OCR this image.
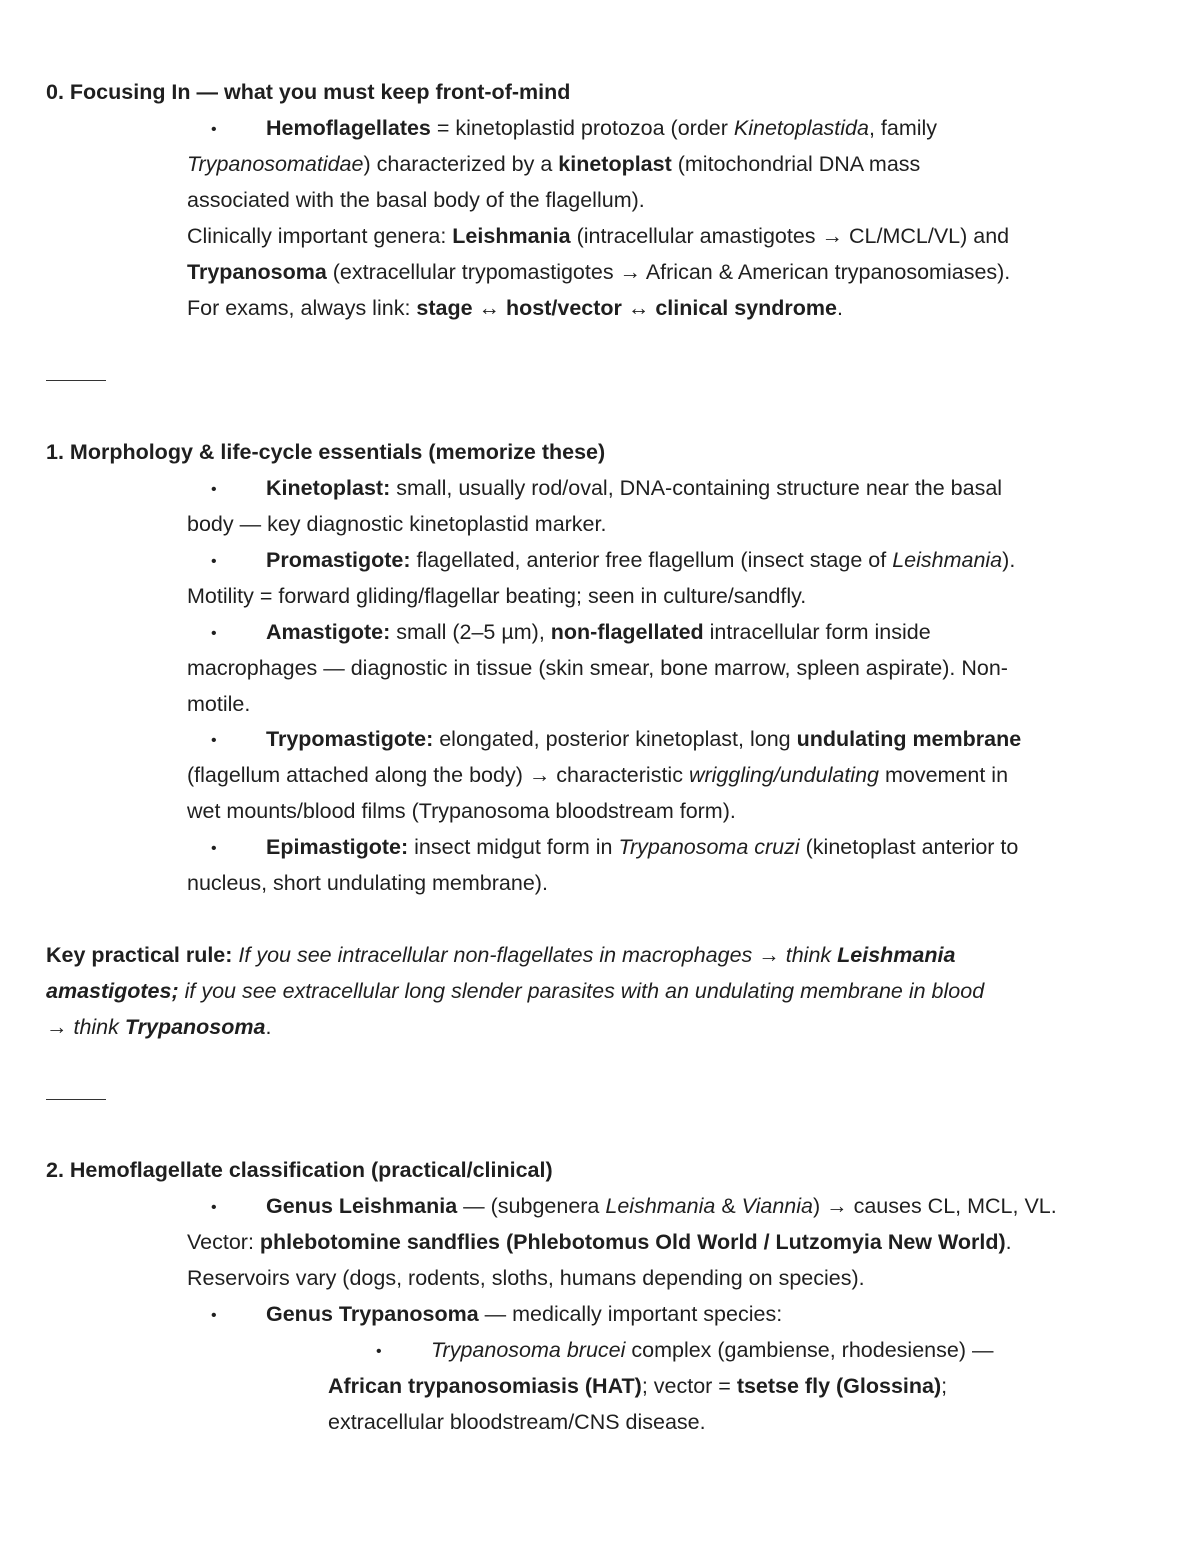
0. Focusing In — what you must keep front-of-mind
• Hemoflagellates = kinetoplastid protozoa (order Kinetoplastida, family
Trypanosomatidae) characterized by a kinetoplast (mitochondrial DNA mass
associated with the basal body of the flagellum).
Clinically important genera: Leishmania (intracellular amastigotes → CL/MCL/VL) and
Trypanosoma (extracellular trypomastigotes → African & American trypanosomiases).
For exams, always link: stage ↔ host/vector ↔ clinical syndrome.
1. Morphology & life-cycle essentials (memorize these)
• Kinetoplast: small, usually rod/oval, DNA-containing structure near the basal
body — key diagnostic kinetoplastid marker.
• Promastigote: flagellated, anterior free flagellum (insect stage of Leishmania).
Motility = forward gliding/flagellar beating; seen in culture/sandfly.
• Amastigote: small (2–5 µm), non-flagellated intracellular form inside
macrophages — diagnostic in tissue (skin smear, bone marrow, spleen aspirate). Non-
motile.
• Trypomastigote: elongated, posterior kinetoplast, long undulating membrane
(flagellum attached along the body) → characteristic wriggling/undulating movement in
wet mounts/blood films (Trypanosoma bloodstream form).
• Epimastigote: insect midgut form in Trypanosoma cruzi (kinetoplast anterior to
nucleus, short undulating membrane).
Key practical rule: If you see intracellular non-flagellates in macrophages → think Leishmania
amastigotes; if you see extracellular long slender parasites with an undulating membrane in blood
→ think Trypanosoma.
2. Hemoflagellate classification (practical/clinical)
• Genus Leishmania — (subgenera Leishmania & Viannia) → causes CL, MCL, VL.
Vector: phlebotomine sandflies (Phlebotomus Old World / Lutzomyia New World).
Reservoirs vary (dogs, rodents, sloths, humans depending on species).
• Genus Trypanosoma — medically important species:
• Trypanosoma brucei complex (gambiense, rhodesiense) —
African trypanosomiasis (HAT); vector = tsetse fly (Glossina);
extracellular bloodstream/CNS disease.
